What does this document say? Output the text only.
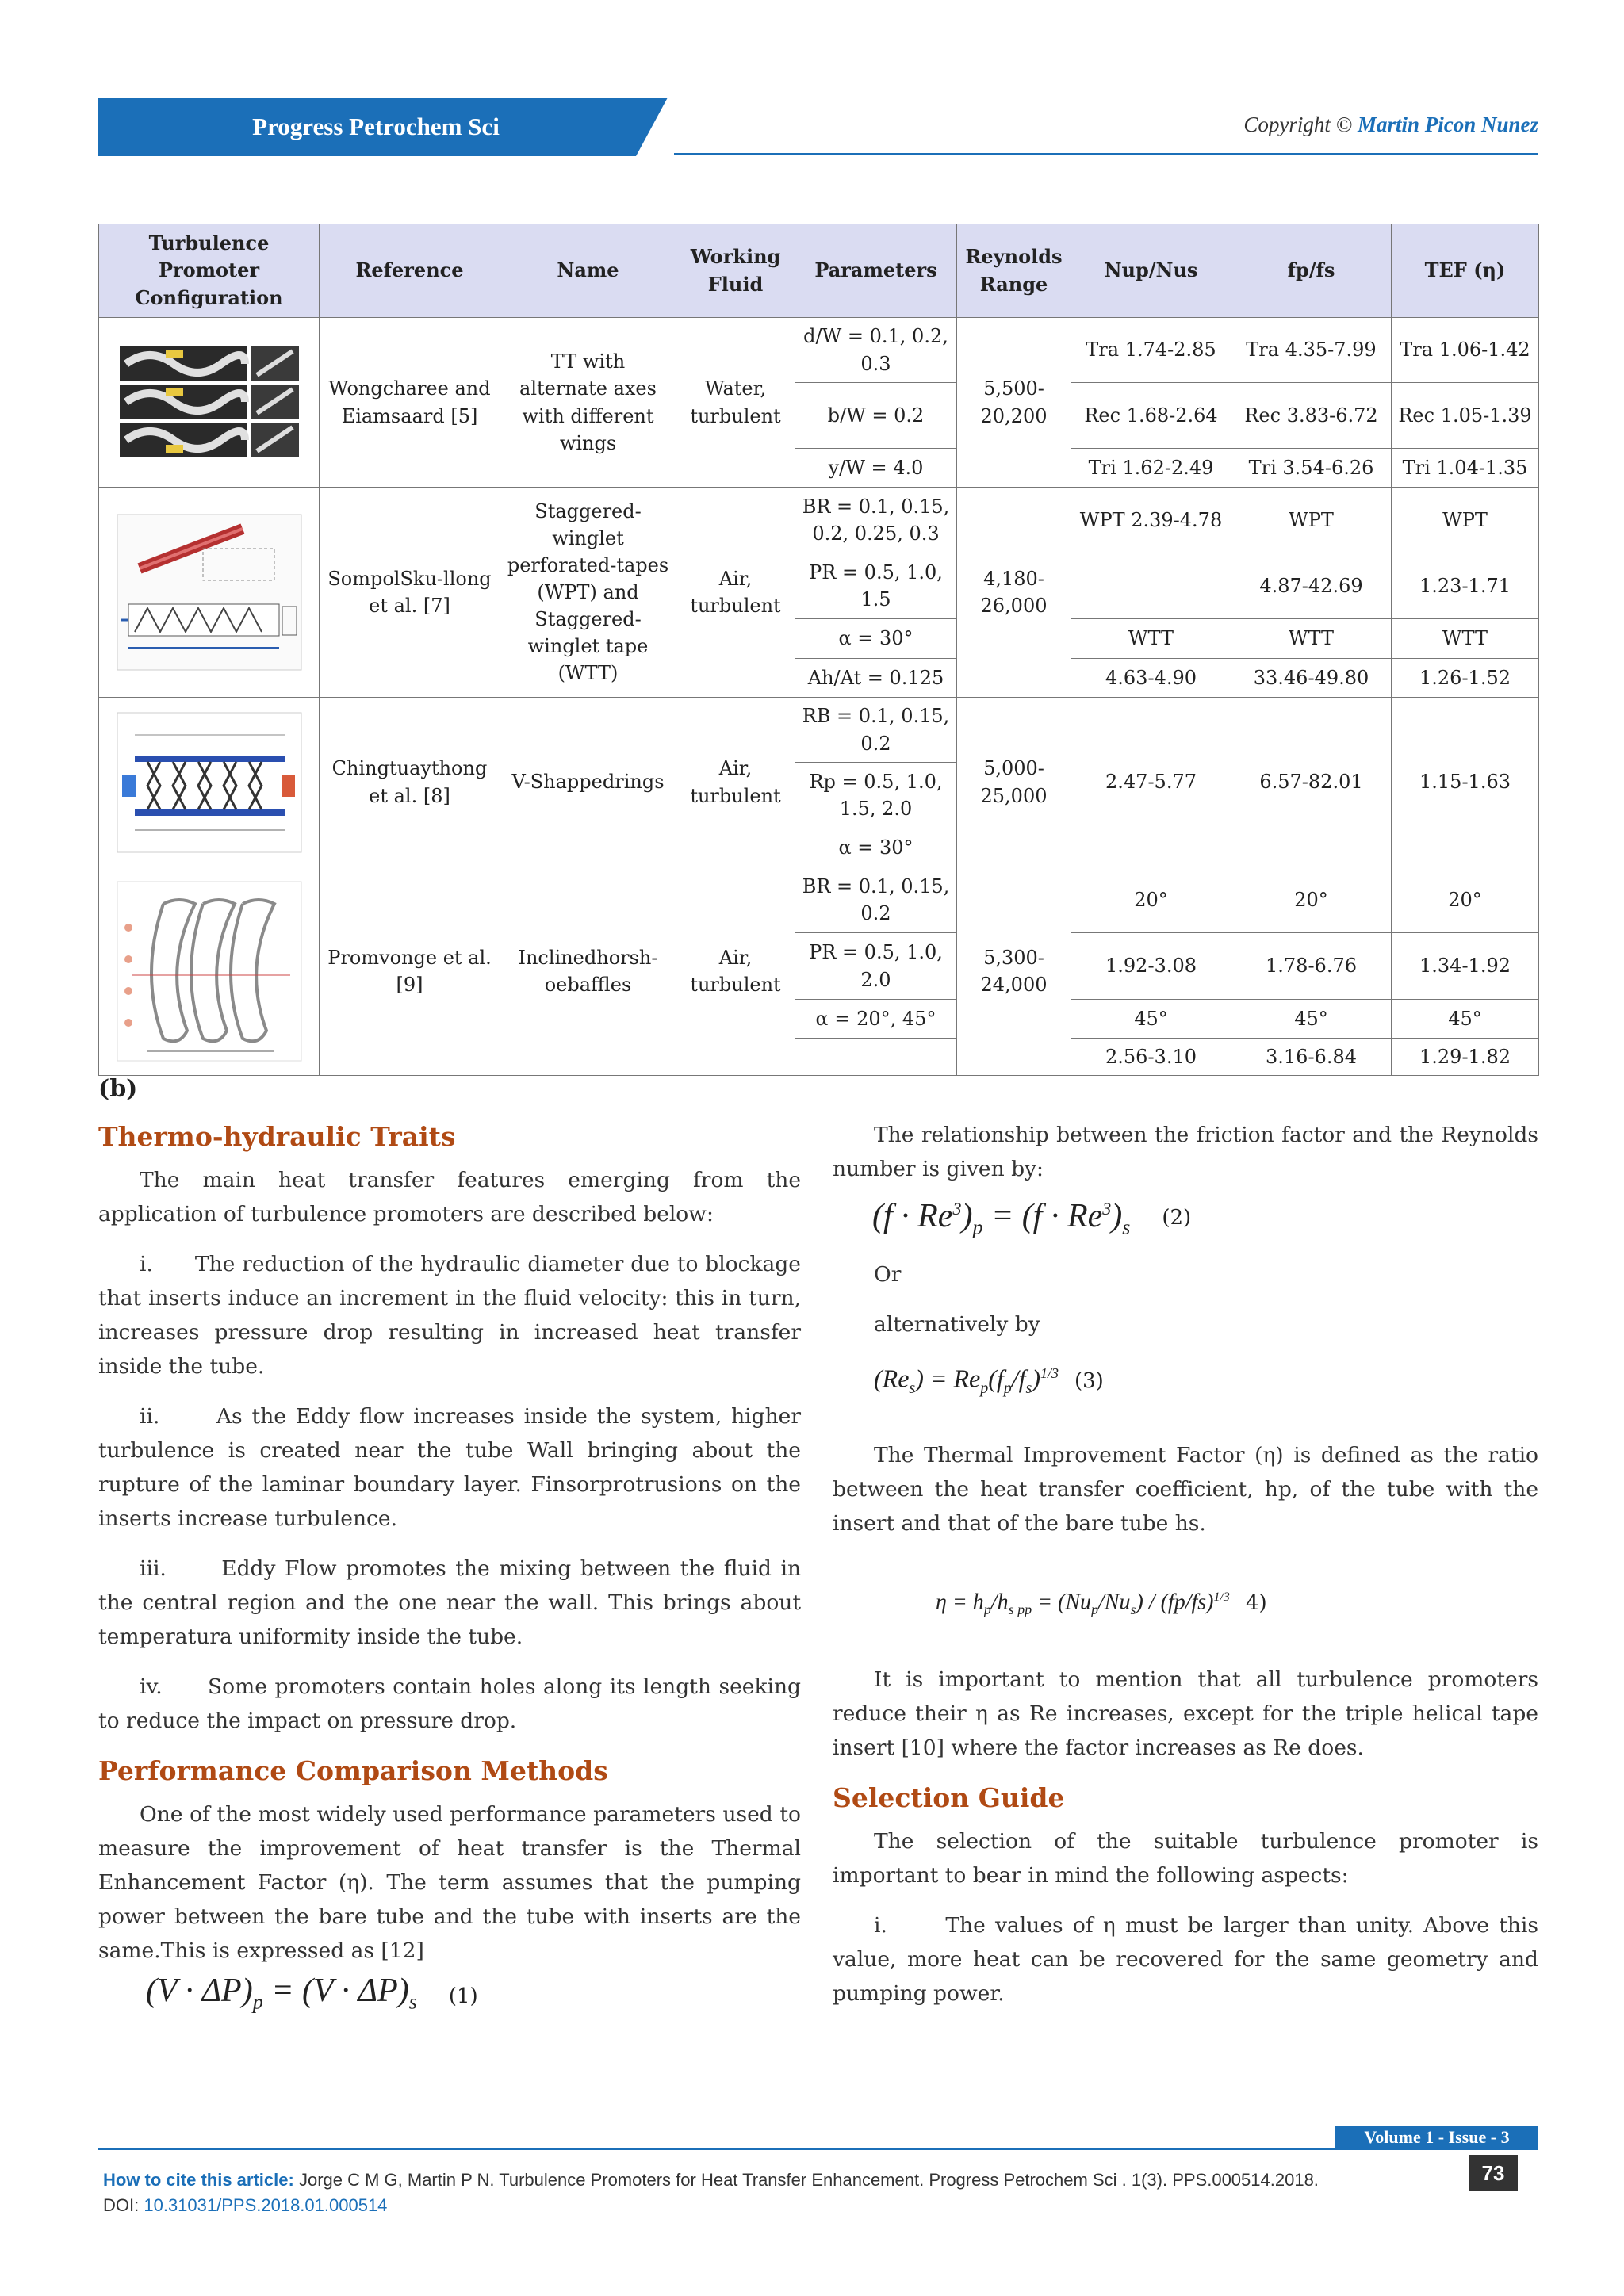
Progress Petrochem Sci	Copyright © Martin Picon Nunez
Turbulence Promoter Configuration	Reference	Name	Working Fluid	Parameters	Reynolds Range	Nup/Nus	fp/fs	TEF (η)

	Wongcharee and Eiamsaard [5]	TT with alternate axes with different wings	Water, turbulent	d/W = 0.1, 0.2, 0.3	5,500-20,200	Tra 1.74-2.85	Tra 4.35-7.99	Tra 1.06-1.42
				b/W = 0.2		Rec 1.68-2.64	Rec 3.83-6.72	Rec 1.05-1.39
				y/W = 4.0		Tri 1.62-2.49	Tri 3.54-6.26	Tri 1.04-1.35

	SompolSku-llong et al. [7]	Staggered-winglet perforated-tapes (WPT) and Staggered-winglet tape (WTT)	Air, turbulent	BR = 0.1, 0.15, 0.2, 0.25, 0.3	4,180-26,000	WPT 2.39-4.78	WPT	WPT
				PR = 0.5, 1.0, 1.5			4.87-42.69	1.23-1.71
				α = 30°		WTT	WTT	WTT
				Ah/At = 0.125		4.63-4.90	33.46-49.80	1.26-1.52

	Chingtuaythong et al. [8]	V-Shappedrings	Air, turbulent	RB = 0.1, 0.15, 0.2	5,000-25,000	2.47-5.77	6.57-82.01	1.15-1.63
				Rp = 0.5, 1.0, 1.5, 2.0				
				α = 30°				

	Promvonge et al. [9]	Inclinedhorsh-oebaffles	Air, turbulent	BR = 0.1, 0.15, 0.2	5,300-24,000	20°	20°	20°
				PR = 0.5, 1.0, 2.0		1.92-3.08	1.78-6.76	1.34-1.92
				α = 20°, 45°		45°	45°	45°
						2.56-3.10	3.16-6.84	1.29-1.82
(b)
Thermo-hydraulic Traits

The main heat transfer features emerging from the application of turbulence promoters are described below:

i. The reduction of the hydraulic diameter due to blockage that inserts induce an increment in the fluid velocity: this in turn, increases pressure drop resulting in increased heat transfer inside the tube.

ii.	As the Eddy flow increases inside the system, higher turbulence is created near the tube Wall bringing about the rupture of the laminar boundary layer. Finsorprotrusions on the inserts increase turbulence.

iii.	Eddy Flow promotes the mixing between the fluid in the central region and the one near the wall. This brings about temperatura uniformity inside the tube.

iv. Some promoters contain holes along its length seeking to reduce the impact on pressure drop.

Performance Comparison Methods

One of the most widely used performance parameters used to measure the improvement of heat transfer is the Thermal Enhancement Factor (η). The term assumes that the pumping power between the bare tube and the tube with inserts are the same.This is expressed as [12]

$(V \cdot \Delta P)_p = (V \cdot \Delta P)_s$ (1)

The relationship between the friction factor and the Reynolds number is given by:

$(f \cdot Re^3)_p = (f \cdot Re^3)_s$ (2)

Or

alternatively by

$(Re_s) = Re_p(f_p/f_s)^{1/3}$ (3)

The Thermal Improvement Factor (η) is defined as the ratio between the heat transfer coefficient, hp, of the tube with the insert and that of the bare tube hs.

$\eta = h_p/h_{s pp} = (Nu_p/Nu_s) / (fp/fs)^{1/3}$ 4)

It is important to mention that all turbulence promoters reduce their η as Re increases, except for the triple helical tape insert [10] where the factor increases as Re does.

Selection Guide

The selection of the suitable turbulence promoter is important to bear in mind the following aspects:

i.	The values of η must be larger than unity. Above this value, more heat can be recovered for the same geometry and pumping power.

Volume 1 - Issue - 3
How to cite this article: Jorge C M G, Martin P N. Turbulence Promoters for Heat Transfer Enhancement. Progress Petrochem Sci . 1(3). PPS.000514.2018.
DOI: 10.31031/PPS.2018.01.000514
73
